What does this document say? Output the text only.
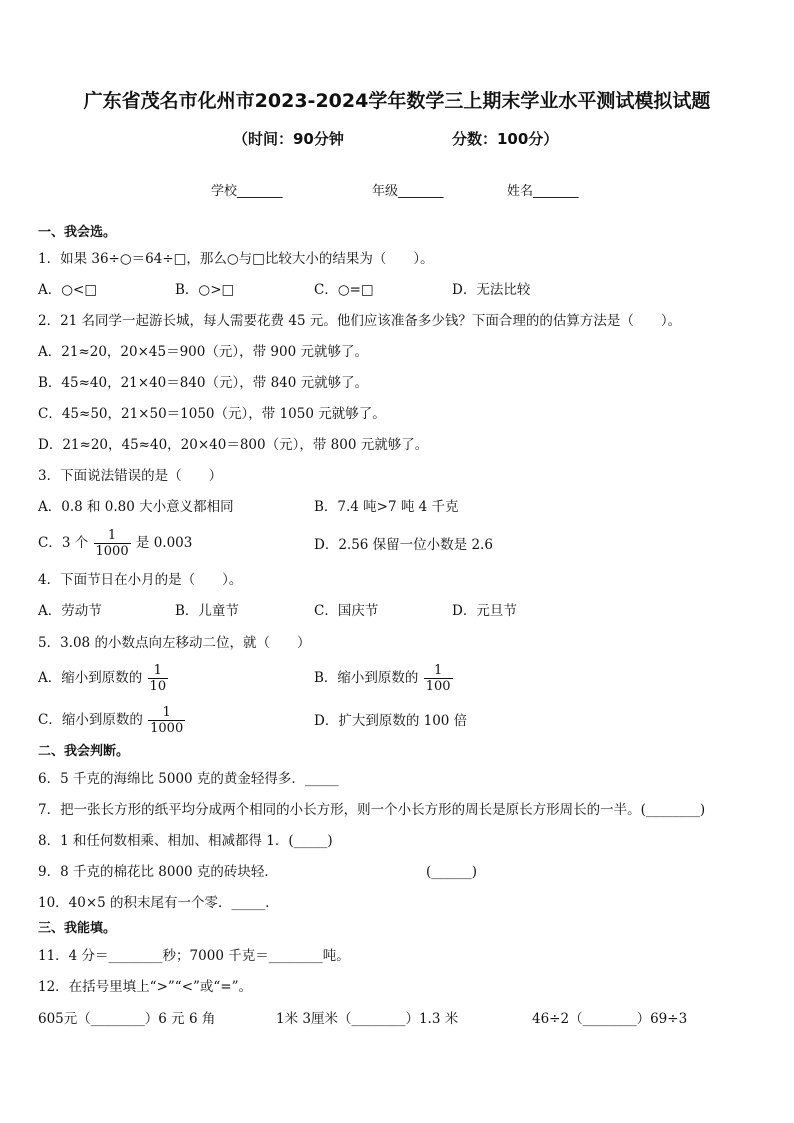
广东省茂名市化州市2023-2024学年数学三上期末学业水平测试模拟试题
（时间：90分钟	分数：100分）
学校_______	年级_______	姓名_______
一、我会选。
1．如果 36÷○＝64÷□，那么○与□比较大小的结果为（　　）。
A．○<□	B．○>□	C．○=□	D．无法比较
2．21 名同学一起游长城，每人需要花费 45 元。他们应该准备多少钱？下面合理的的估算方法是（　　）。
A．21≈20，20×45＝900（元），带 900 元就够了。
B．45≈40，21×40＝840（元），带 840 元就够了。
C．45≈50，21×50＝1050（元），带 1050 元就够了。
D．21≈20，45≈40，20×40＝800（元），带 800 元就够了。
3．下面说法错误的是（　　）
A．0.8 和 0.80 大小意义都相同	B．7.4 吨>7 吨 4 千克
C．3 个 $\frac{1}{1000}$ 是 0.003	D．2.56 保留一位小数是 2.6
4．下面节日在小月的是（　　）。
A．劳动节	B．儿童节	C．国庆节	D．元旦节
5．3.08 的小数点向左移动二位，就（　　）
A．缩小到原数的 $\frac{1}{10}$	B．缩小到原数的 $\frac{1}{100}$
C．缩小到原数的 $\frac{1}{1000}$	D．扩大到原数的 100 倍
二、我会判断。
6．5 千克的海绵比 5000 克的黄金轻得多．_____
7．把一张长方形的纸平均分成两个相同的小长方形，则一个小长方形的周长是原长方形周长的一半。(________)
8．1 和任何数相乘、相加、相减都得 1．(_____)
9．8 千克的棉花比 8000 克的砖块轻．	(______)
10．40×5 的积末尾有一个零．_____．
三、我能填。
11．4 分＝________秒；7000 千克＝________吨。
12．在括号里填上“>”“<”或“=”。
605元（________）6 元 6 角	1米 3厘米（________）1.3 米	46÷2（________）69÷3
